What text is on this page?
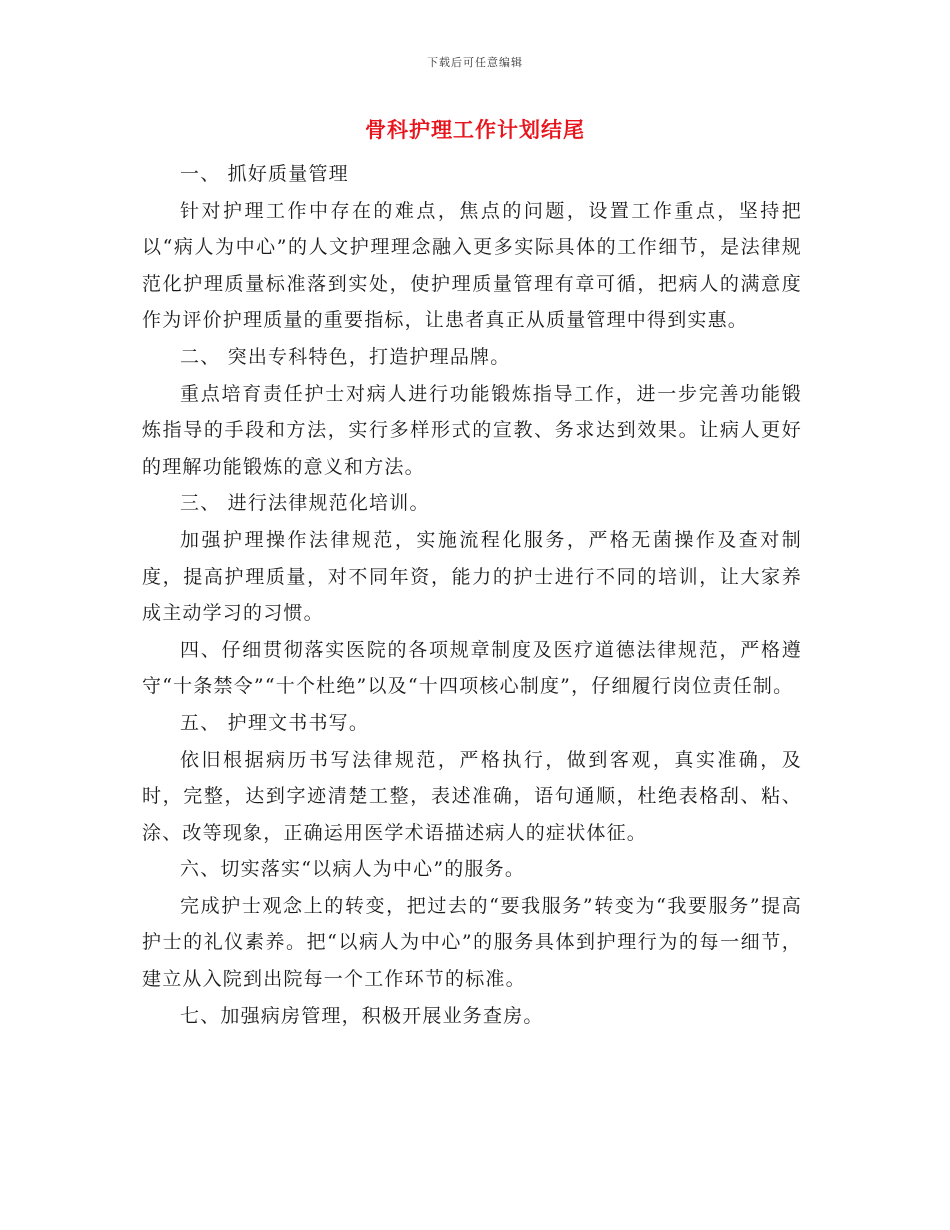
下载后可任意编辑
骨科护理工作计划结尾

一、 抓好质量管理

针对护理工作中存在的难点，焦点的问题，设置工作重点，坚持把以“病人为中心”的人文护理理念融入更多实际具体的工作细节，是法律规范化护理质量标准落到实处，使护理质量管理有章可循，把病人的满意度作为评价护理质量的重要指标，让患者真正从质量管理中得到实惠。

二、 突出专科特色，打造护理品牌。

重点培育责任护士对病人进行功能锻炼指导工作，进一步完善功能锻炼指导的手段和方法，实行多样形式的宣教、务求达到效果。让病人更好的理解功能锻炼的意义和方法。

三、 进行法律规范化培训。

加强护理操作法律规范，实施流程化服务，严格无菌操作及查对制度，提高护理质量，对不同年资，能力的护士进行不同的培训，让大家养成主动学习的习惯。

四、仔细贯彻落实医院的各项规章制度及医疗道德法律规范，严格遵守“十条禁令”“十个杜绝”以及“十四项核心制度”，仔细履行岗位责任制。

五、 护理文书书写。

依旧根据病历书写法律规范，严格执行，做到客观，真实准确，及时，完整，达到字迹清楚工整，表述准确，语句通顺，杜绝表格刮、粘、涂、改等现象，正确运用医学术语描述病人的症状体征。

六、切实落实“以病人为中心”的服务。

完成护士观念上的转变，把过去的“要我服务”转变为“我要服务”提高护士的礼仪素养。把“以病人为中心”的服务具体到护理行为的每一细节，建立从入院到出院每一个工作环节的标准。

七、加强病房管理，积极开展业务查房。
